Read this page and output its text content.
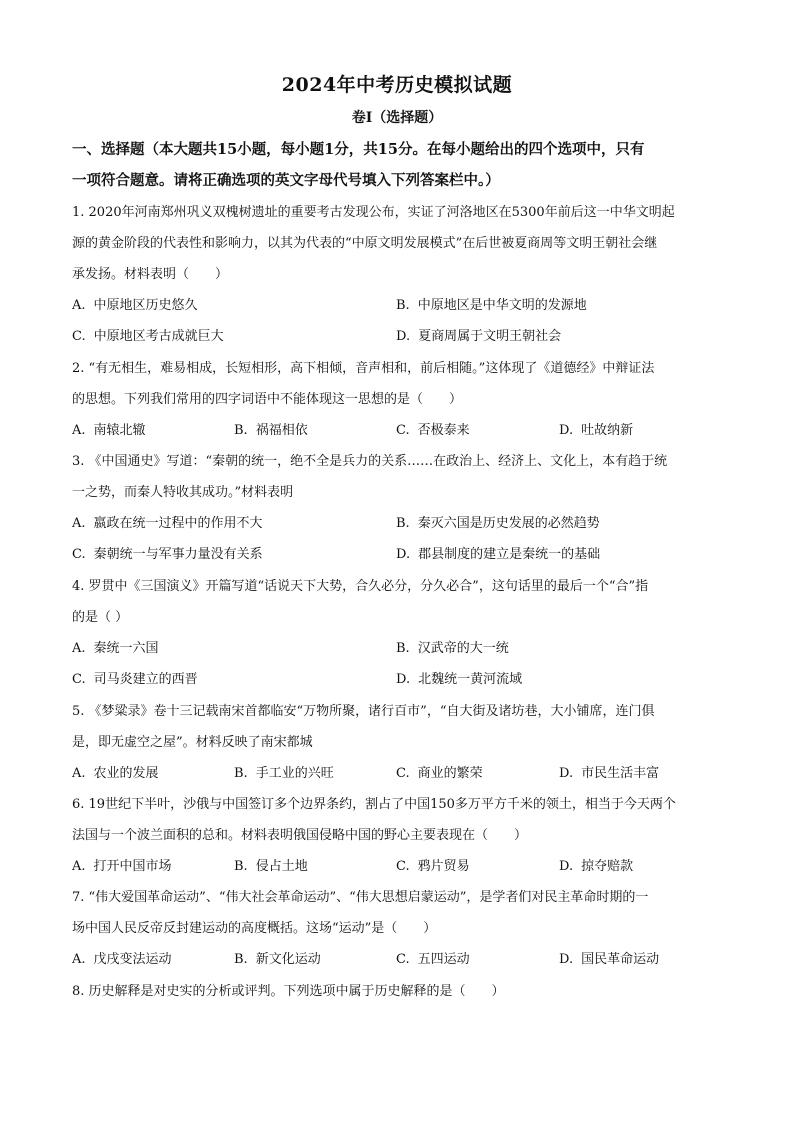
2024年中考历史模拟试题
卷Ⅰ（选择题）
一、选择题（本大题共15小题，每小题1分，共15分。在每小题给出的四个选项中，只有
一项符合题意。请将正确选项的英文字母代号填入下列答案栏中。）
1. 2020年河南郑州巩义双槐树遗址的重要考古发现公布，实证了河洛地区在5300年前后这一中华文明起
源的黄金阶段的代表性和影响力，以其为代表的“中原文明发展模式”在后世被夏商周等文明王朝社会继
承发扬。材料表明（　　）
A. 中原地区历史悠久	B. 中原地区是中华文明的发源地
C. 中原地区考古成就巨大	D. 夏商周属于文明王朝社会
2. “有无相生，难易相成，长短相形，高下相倾，音声相和，前后相随。”这体现了《道德经》中辩证法
的思想。下列我们常用的四字词语中不能体现这一思想的是（　　）
A. 南辕北辙	B. 祸福相依	C. 否极泰来	D. 吐故纳新
3. 《中国通史》写道：“秦朝的统一，绝不全是兵力的关系……在政治上、经济上、文化上，本有趋于统
一之势，而秦人特收其成功。”材料表明
A. 嬴政在统一过程中的作用不大	B. 秦灭六国是历史发展的必然趋势
C. 秦朝统一与军事力量没有关系	D. 郡县制度的建立是秦统一的基础
4. 罗贯中《三国演义》开篇写道“话说天下大势，合久必分，分久必合”，这句话里的最后一个“合”指
的是（ ）
A. 秦统一六国	B. 汉武帝的大一统
C. 司马炎建立的西晋	D. 北魏统一黄河流域
5. 《梦粱录》卷十三记载南宋首都临安“万物所聚，诸行百市”，“自大街及诸坊巷，大小铺席，连门俱
是，即无虚空之屋”。材料反映了南宋都城
A. 农业的发展	B. 手工业的兴旺	C. 商业的繁荣	D. 市民生活丰富
6. 19世纪下半叶，沙俄与中国签订多个边界条约，割占了中国150多万平方千米的领土，相当于今天两个
法国与一个波兰面积的总和。材料表明俄国侵略中国的野心主要表现在（　　）
A. 打开中国市场	B. 侵占土地	C. 鸦片贸易	D. 掠夺赔款
7. “伟大爱国革命运动”、“伟大社会革命运动”、“伟大思想启蒙运动”，是学者们对民主革命时期的一
场中国人民反帝反封建运动的高度概括。这场“运动”是（　　）
A. 戊戌变法运动	B. 新文化运动	C. 五四运动	D. 国民革命运动
8. 历史解释是对史实的分析或评判。下列选项中属于历史解释的是（　　）
